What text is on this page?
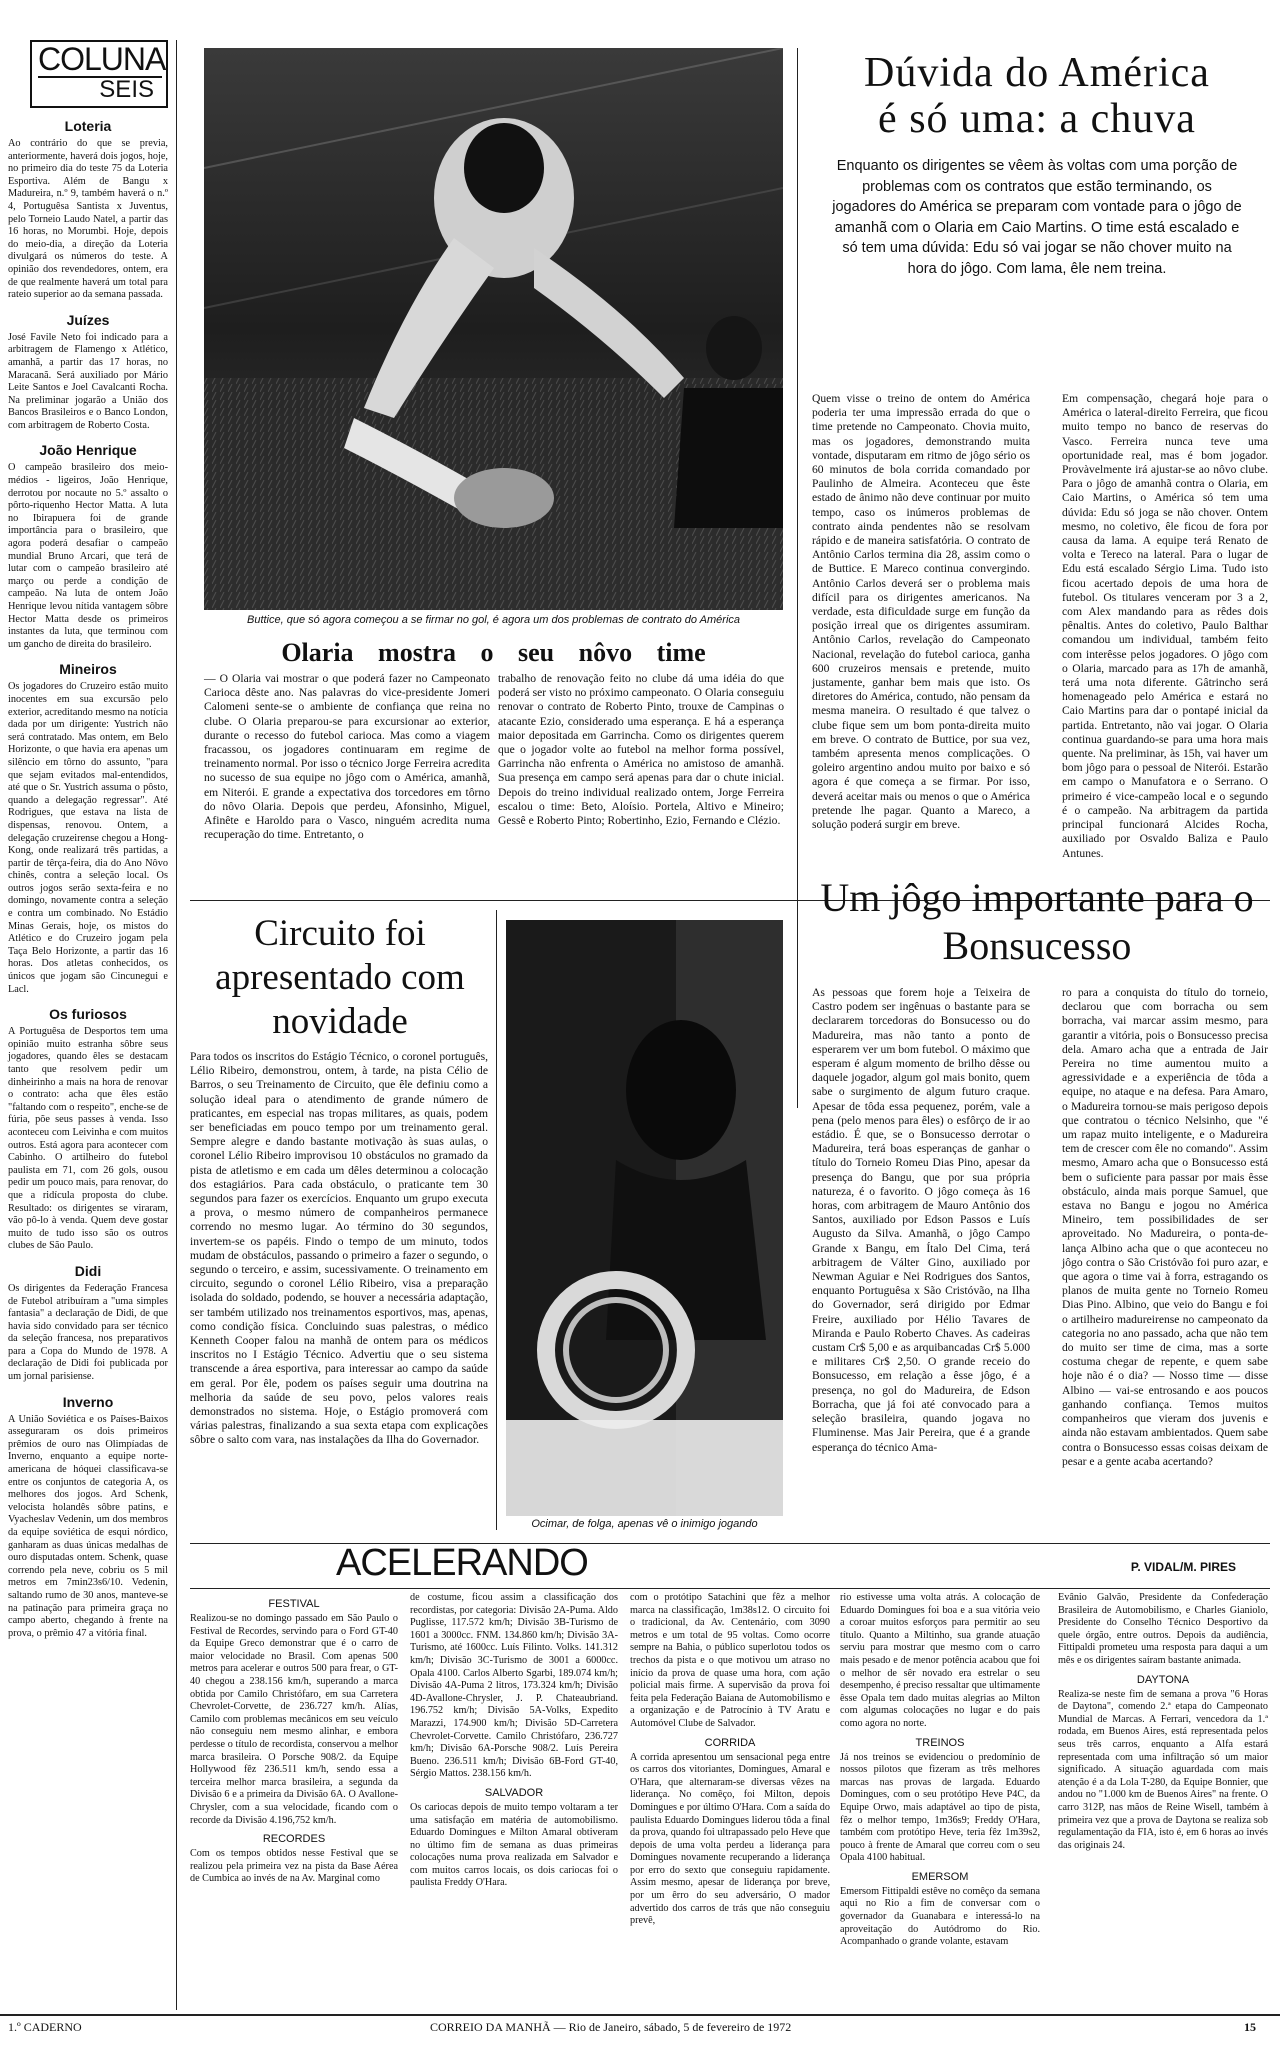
COLUNA
SEIS
Loteria
Ao contrário do que se previa, anteriormente, haverá dois jogos, hoje, no primeiro dia do teste 75 da Loteria Esportiva. Além de Bangu x Madureira, n.º 9, também haverá o n.º 4, Portuguêsa Santista x Juventus, pelo Torneio Laudo Natel, a partir das 16 horas, no Morumbi. Hoje, depois do meio-dia, a direção da Loteria divulgará os números do teste. A opinião dos revendedores, ontem, era de que realmente haverá um total para rateio superior ao da semana passada.
Juízes
José Favile Neto foi indicado para a arbitragem de Flamengo x Atlético, amanhã, a partir das 17 horas, no Maracanã. Será auxiliado por Mário Leite Santos e Joel Cavalcanti Rocha. Na preliminar jogarão a União dos Bancos Brasileiros e o Banco London, com arbitragem de Roberto Costa.
João Henrique
O campeão brasileiro dos meio-médios - ligeiros, João Henrique, derrotou por nocaute no 5.º assalto o pôrto-riquenho Hector Matta. A luta no Ibirapuera foi de grande importância para o brasileiro, que agora poderá desafiar o campeão mundial Bruno Arcari, que terá de lutar com o campeão brasileiro até março ou perde a condição de campeão. Na luta de ontem João Henrique levou nítida vantagem sôbre Hector Matta desde os primeiros instantes da luta, que terminou com um gancho de direita do brasileiro.
Mineiros
Os jogadores do Cruzeiro estão muito inocentes em sua excursão pelo exterior, acreditando mesmo na notícia dada por um dirigente: Yustrich não será contratado. Mas ontem, em Belo Horizonte, o que havia era apenas um silêncio em tôrno do assunto, "para que sejam evitados mal-entendidos, até que o Sr. Yustrich assuma o pôsto, quando a delegação regressar". Até Rodrigues, que estava na lista de dispensas, renovou. Ontem, a delegação cruzeirense chegou a Hong-Kong, onde realizará três partidas, a partir de têrça-feira, dia do Ano Nôvo chinês, contra a seleção local. Os outros jogos serão sexta-feira e no domingo, novamente contra a seleção e contra um combinado. No Estádio Minas Gerais, hoje, os mistos do Atlético e do Cruzeiro jogam pela Taça Belo Horizonte, a partir das 16 horas. Dos atletas conhecidos, os únicos que jogam são Cincunegui e Lacl.
Os furiosos
A Portuguêsa de Desportos tem uma opinião muito estranha sôbre seus jogadores, quando êles se destacam tanto que resolvem pedir um dinheirinho a mais na hora de renovar o contrato: acha que êles estão "faltando com o respeito", enche-se de fúria, põe seus passes à venda. Isso aconteceu com Leivinha e com muitos outros. Está agora para acontecer com Cabinho. O artilheiro do futebol paulista em 71, com 26 gols, ousou pedir um pouco mais, para renovar, do que a ridícula proposta do clube. Resultado: os dirigentes se viraram, vão pô-lo à venda. Quem deve gostar muito de tudo isso são os outros clubes de São Paulo.
Didi
Os dirigentes da Federação Francesa de Futebol atribuíram a "uma simples fantasia" a declaração de Didi, de que havia sido convidado para ser técnico da seleção francesa, nos preparativos para a Copa do Mundo de 1978. A declaração de Didi foi publicada por um jornal parisiense.
Inverno
A União Soviética e os Países-Baixos asseguraram os dois primeiros prêmios de ouro nas Olimpíadas de Inverno, enquanto a equipe norte-americana de hóquei classificava-se entre os conjuntos de categoria A, os melhores dos jogos. Ard Schenk, velocista holandês sôbre patins, e Vyacheslav Vedenin, um dos membros da equipe soviética de esqui nórdico, ganharam as duas únicas medalhas de ouro disputadas ontem. Schenk, quase correndo pela neve, cobriu os 5 mil metros em 7min23s6/10. Vedenin, saltando rumo de 30 anos, manteve-se na patinação para primeira graça no campo aberto, chegando à frente na prova, o prêmio 47 a vitória final.
Buttice, que só agora começou a se firmar no gol, é agora um dos problemas de contrato do América
Dúvida do América
é só uma: a chuva

Enquanto os dirigentes se vêem às voltas com uma porção de problemas com os contratos que estão terminando, os jogadores do América se preparam com vontade para o jôgo de amanhã com o Olaria em Caio Martins. O time está escalado e só tem uma dúvida: Edu só vai jogar se não chover muito na hora do jôgo. Com lama, êle nem treina.

Quem visse o treino de ontem do América poderia ter uma impressão errada do que o time pretende no Campeonato. Chovia muito, mas os jogadores, demonstrando muita vontade, disputaram em ritmo de jôgo sério os 60 minutos de bola corrida comandado por Paulinho de Almeira. Aconteceu que êste estado de ânimo não deve continuar por muito tempo, caso os inúmeros problemas de contrato ainda pendentes não se resolvam rápido e de maneira satisfatória. O contrato de Antônio Carlos termina dia 28, assim como o de Buttice. E Mareco continua convergindo. Antônio Carlos deverá ser o problema mais difícil para os dirigentes americanos. Na verdade, esta dificuldade surge em função da posição irreal que os dirigentes assumiram. Antônio Carlos, revelação do Campeonato Nacional, revelação do futebol carioca, ganha 600 cruzeiros mensais e pretende, muito justamente, ganhar bem mais que isto. Os diretores do América, contudo, não pensam da mesma maneira. O resultado é que talvez o clube fique sem um bom ponta-direita muito em breve. O contrato de Buttice, por sua vez, também apresenta menos complicações. O goleiro argentino andou muito por baixo e só agora é que começa a se firmar. Por isso, deverá aceitar mais ou menos o que o América pretende lhe pagar. Quanto a Mareco, a solução poderá surgir em breve.
Em compensação, chegará hoje para o América o lateral-direito Ferreira, que ficou muito tempo no banco de reservas do Vasco. Ferreira nunca teve uma oportunidade real, mas é bom jogador. Provàvelmente irá ajustar-se ao nôvo clube. Para o jôgo de amanhã contra o Olaria, em Caio Martins, o América só tem uma dúvida: Edu só joga se não chover. Ontem mesmo, no coletivo, êle ficou de fora por causa da lama. A equipe terá Renato de volta e Tereco na lateral. Para o lugar de Edu está escalado Sérgio Lima. Tudo isto ficou acertado depois de uma hora de futebol. Os titulares venceram por 3 a 2, com Alex mandando para as rêdes dois pênaltis. Antes do coletivo, Paulo Balthar comandou um individual, também feito com interêsse pelos jogadores. O jôgo com o Olaria, marcado para as 17h de amanhã, terá uma nota diferente. Gâtrincho será homenageado pelo América e estará no Caio Martins para dar o pontapé inicial da partida. Entretanto, não vai jogar. O Olaria continua guardando-se para uma hora mais quente. Na preliminar, às 15h, vai haver um bom jôgo para o pessoal de Niterói. Estarão em campo o Manufatora e o Serrano. O primeiro é vice-campeão local e o segundo é o campeão. Na arbitragem da partida principal funcionará Alcides Rocha, auxiliado por Osvaldo Baliza e Paulo Antunes.
Olaria mostra o seu nôvo time
— O Olaria vai mostrar o que poderá fazer no Campeonato Carioca dêste ano. Nas palavras do vice-presidente Jomeri Calomeni sente-se o ambiente de confiança que reina no clube. O Olaria preparou-se para excursionar ao exterior, durante o recesso do futebol carioca. Mas como a viagem fracassou, os jogadores continuaram em regime de treinamento normal. Por isso o técnico Jorge Ferreira acredita no sucesso de sua equipe no jôgo com o América, amanhã, em Niterói. E grande a expectativa dos torcedores em tôrno do nôvo Olaria. Depois que perdeu, Afonsinho, Miguel, Afinête e Haroldo para o Vasco, ninguém acredita numa recuperação do time. Entretanto, o
trabalho de renovação feito no clube dá uma idéia do que poderá ser visto no próximo campeonato. O Olaria conseguiu renovar o contrato de Roberto Pinto, trouxe de Campinas o atacante Ezio, considerado uma esperança. E há a esperança maior depositada em Garrincha. Como os dirigentes querem que o jogador volte ao futebol na melhor forma possível, Garrincha não enfrenta o América no amistoso de amanhã. Sua presença em campo será apenas para dar o chute inicial. Depois do treino individual realizado ontem, Jorge Ferreira escalou o time: Beto, Aloísio. Portela, Altivo e Mineiro; Gessê e Roberto Pinto; Robertinho, Ezio, Fernando e Clézio.
Circuito foi apresentado com novidade
Para todos os inscritos do Estágio Técnico, o coronel português, Lélio Ribeiro, demonstrou, ontem, à tarde, na pista Célio de Barros, o seu Treinamento de Circuito, que êle definiu como a solução ideal para o atendimento de grande número de praticantes, em especial nas tropas militares, as quais, podem ser beneficiadas em pouco tempo por um treinamento geral. Sempre alegre e dando bastante motivação às suas aulas, o coronel Lélio Ribeiro improvisou 10 obstáculos no gramado da pista de atletismo e em cada um dêles determinou a colocação dos estagiários. Para cada obstáculo, o praticante tem 30 segundos para fazer os exercícios. Enquanto um grupo executa a prova, o mesmo número de companheiros permanece correndo no mesmo lugar. Ao término do 30 segundos, invertem-se os papéis. Findo o tempo de um minuto, todos mudam de obstáculos, passando o primeiro a fazer o segundo, o segundo o terceiro, e assim, sucessivamente. O treinamento em circuito, segundo o coronel Lélio Ribeiro, visa a preparação isolada do soldado, podendo, se houver a necessária adaptação, ser também utilizado nos treinamentos esportivos, mas, apenas, como condição física. Concluindo suas palestras, o médico Kenneth Cooper falou na manhã de ontem para os médicos inscritos no I Estágio Técnico. Advertiu que o seu sistema transcende a área esportiva, para interessar ao campo da saúde em geral. Por êle, podem os países seguir uma doutrina na melhoria da saúde de seu povo, pelos valores reais demonstrados no sistema. Hoje, o Estágio promoverá com várias palestras, finalizando a sua sexta etapa com explicações sôbre o salto com vara, nas instalações da Ilha do Governador.
Ocimar, de folga, apenas vê o inimigo jogando
Um jôgo importante para o Bonsucesso
As pessoas que forem hoje a Teixeira de Castro podem ser ingênuas o bastante para se declararem torcedoras do Bonsucesso ou do Madureira, mas não tanto a ponto de esperarem ver um bom futebol. O máximo que esperam é algum momento de brilho dêsse ou daquele jogador, algum gol mais bonito, quem sabe o surgimento de algum futuro craque. Apesar de tôda essa pequenez, porém, vale a pena (pelo menos para êles) o esfôrço de ir ao estádio. É que, se o Bonsucesso derrotar o Madureira, terá boas esperanças de ganhar o título do Torneio Romeu Dias Pino, apesar da presença do Bangu, que por sua própria natureza, é o favorito. O jôgo começa às 16 horas, com arbitragem de Mauro Antônio dos Santos, auxiliado por Edson Passos e Luís Augusto da Silva. Amanhã, o jôgo Campo Grande x Bangu, em Ítalo Del Cima, terá arbitragem de Válter Gino, auxiliado por Newman Aguiar e Nei Rodrigues dos Santos, enquanto Portuguêsa x São Cristóvão, na Ilha do Governador, será dirigido por Edmar Freire, auxiliado por Hélio Tavares de Miranda e Paulo Roberto Chaves. As cadeiras custam Cr$ 5,00 e as arquibancadas Cr$ 5.000 e militares Cr$ 2,50. O grande receio do Bonsucesso, em relação a êsse jôgo, é a presença, no gol do Madureira, de Edson Borracha, que já foi até convocado para a seleção brasileira, quando jogava no Fluminense. Mas Jair Pereira, que é a grande esperança do técnico Ama-
ro para a conquista do título do torneio, declarou que com borracha ou sem borracha, vai marcar assim mesmo, para garantir a vitória, pois o Bonsucesso precisa dela. Amaro acha que a entrada de Jair Pereira no time aumentou muito a agressividade e a experiência de tôda a equipe, no ataque e na defesa. Para Amaro, o Madureira tornou-se mais perigoso depois que contratou o técnico Nelsinho, que "é um rapaz muito inteligente, e o Madureira tem de crescer com êle no comando". Assim mesmo, Amaro acha que o Bonsucesso está bem o suficiente para passar por mais êsse obstáculo, ainda mais porque Samuel, que estava no Bangu e jogou no América Mineiro, tem possibilidades de ser aproveitado. No Madureira, o ponta-de-lança Albino acha que o que aconteceu no jôgo contra o São Cristóvão foi puro azar, e que agora o time vai à forra, estragando os planos de muita gente no Torneio Romeu Dias Pino. Albino, que veio do Bangu e foi o artilheiro madureirense no campeonato da categoria no ano passado, acha que não tem do muito ser time de cima, mas a sorte costuma chegar de repente, e quem sabe hoje não é o dia? — Nosso time — disse Albino — vai-se entrosando e aos poucos ganhando confiança. Temos muitos companheiros que vieram dos juvenis e ainda não estavam ambientados. Quem sabe contra o Bonsucesso essas coisas deixam de pesar e a gente acaba acertando?
ACELERANDO	P. VIDAL/M. PIRES
FESTIVAL
Realizou-se no domingo passado em São Paulo o Festival de Recordes, servindo para o Ford GT-40 da Equipe Greco demonstrar que é o carro de maior velocidade no Brasil. Com apenas 500 metros para acelerar e outros 500 para frear, o GT-40 chegou a 238.156 km/h, superando a marca obtida por Camilo Christófaro, em sua Carretera Chevrolet-Corvette, de 236.727 km/h. Alías, Camilo com problemas mecânicos em seu veículo não conseguiu nem mesmo alinhar, e embora perdesse o título de recordista, conservou a melhor marca brasileira. O Porsche 908/2. da Equipe Hollywood fêz 236.511 km/h, sendo essa a terceira melhor marca brasileira, a segunda da Divisão 6 e a primeira da Divisão 6A. O Avallone-Chrysler, com a sua velocidade, ficando com o recorde da Divisão 4.196,752 km/h.
RECORDES
Com os tempos obtidos nesse Festival que se realizou pela primeira vez na pista da Base Aérea de Cumbica ao invés de na Av. Marginal como
de costume, ficou assim a classificação dos recordistas, por categoria: Divisão 2A-Puma. Aldo Puglisse, 117.572 km/h; Divisão 3B-Turismo de 1601 a 3000cc. FNM. 134.860 km/h; Divisão 3A-Turismo, até 1600cc. Luís Filinto. Volks. 141.312 km/h; Divisão 3C-Turismo de 3001 a 6000cc. Opala 4100. Carlos Alberto Sgarbi, 189.074 km/h; Divisão 4A-Puma 2 litros, 173.324 km/h; Divisão 4D-Avallone-Chrysler, J. P. Chateaubriand. 196.752 km/h; Divisão 5A-Volks, Expedito Marazzi, 174.900 km/h; Divisão 5D-Carretera Chevrolet-Corvette. Camilo Christófaro, 236.727 km/h; Divisão 6A-Porsche 908/2. Luís Pereira Bueno. 236.511 km/h; Divisão 6B-Ford GT-40, Sérgio Mattos. 238.156 km/h.
SALVADOR
Os cariocas depois de muito tempo voltaram a ter uma satisfação em matéria de automobilismo. Eduardo Domingues e Milton Amaral obtiveram no último fim de semana as duas primeiras colocações numa prova realizada em Salvador e com muitos carros locais, os dois cariocas foi o paulista Freddy O'Hara.
com o protótipo Satachini que fêz a melhor marca na classificação, 1m38s12. O circuito foi o tradicional, da Av. Centenário, com 3090 metros e um total de 95 voltas. Como ocorre sempre na Bahia, o público superlotou todos os trechos da pista e o que motivou um atraso no início da prova de quase uma hora, com ação policial mais firme. A supervisão da prova foi feita pela Federação Baiana de Automobilismo e a organização e de Patrocínio à TV Aratu e Automóvel Clube de Salvador.
CORRIDA
A corrida apresentou um sensacional pega entre os carros dos vitoriantes, Domingues, Amaral e O'Hara, que alternaram-se diversas vêzes na liderança. No comêço, foi Milton, depois Domingues e por último O'Hara. Com a saída do paulista Eduardo Domingues liderou tôda a final da prova, quando foi ultrapassado pelo Heve que depois de uma volta perdeu a liderança para Domingues novamente recuperando a liderança por erro do sexto que conseguiu rapidamente. Assim mesmo, apesar de liderança por breve, por um êrro do seu adversário, O mador advertido dos carros de trás que não conseguiu prevê,
rio estivesse uma volta atrás. A colocação de Eduardo Domingues foi boa e a sua vitória veio a coroar muitos esforços para permitir ao seu título. Quanto a Miltinho, sua grande atuação serviu para mostrar que mesmo com o carro mais pesado e de menor potência acabou que foi o melhor de sêr novado era estrelar o seu desempenho, é preciso ressaltar que ultimamente êsse Opala tem dado muitas alegrias ao Milton com algumas colocações no lugar e do pais como agora no norte.
TREINOS
Já nos treinos se evidenciou o predomínio de nossos pilotos que fizeram as três melhores marcas nas provas de largada. Eduardo Domingues, com o seu protótipo Heve P4C, da Equipe Orwo, mais adaptável ao tipo de pista, fêz o melhor tempo, 1m36s9; Freddy O'Hara, também com protótipo Heve, teria fêz 1m39s2, pouco à frente de Amaral que correu com o seu Opala 4100 habitual.
EMERSOM
Emersom Fittipaldi estêve no comêço da semana aqui no Rio a fim de conversar com o governador da Guanabara e interessá-lo na aproveitação do Autódromo do Rio. Acompanhado o grande volante, estavam
Evânio Galvão, Presidente da Confederação Brasileira de Automobilismo, e Charles Gianiolo, Presidente do Conselho Técnico Desportivo da quele órgão, entre outros. Depois da audiência, Fittipaldi prometeu uma resposta para daqui a um mês e os dirigentes saíram bastante animada.
DAYTONA
Realiza-se neste fim de semana a prova "6 Horas de Daytona", comendo 2.ª etapa do Campeonato Mundial de Marcas. A Ferrari, vencedora da 1.ª rodada, em Buenos Aires, está representada pelos seus três carros, enquanto a Alfa estará representada com uma infiltração só um maior significado. A situação aguardada com mais atenção é a da Lola T-280, da Equipe Bonnier, que andou no "1.000 km de Buenos Aires" na frente. O carro 312P, nas mãos de Reine Wisell, também à primeira vez que a prova de Daytona se realiza sob regulamentação da FIA, isto é, em 6 horas ao invés das originais 24.
1.º CADERNO	CORREIO DA MANHÃ — Rio de Janeiro, sábado, 5 de fevereiro de 1972	15
